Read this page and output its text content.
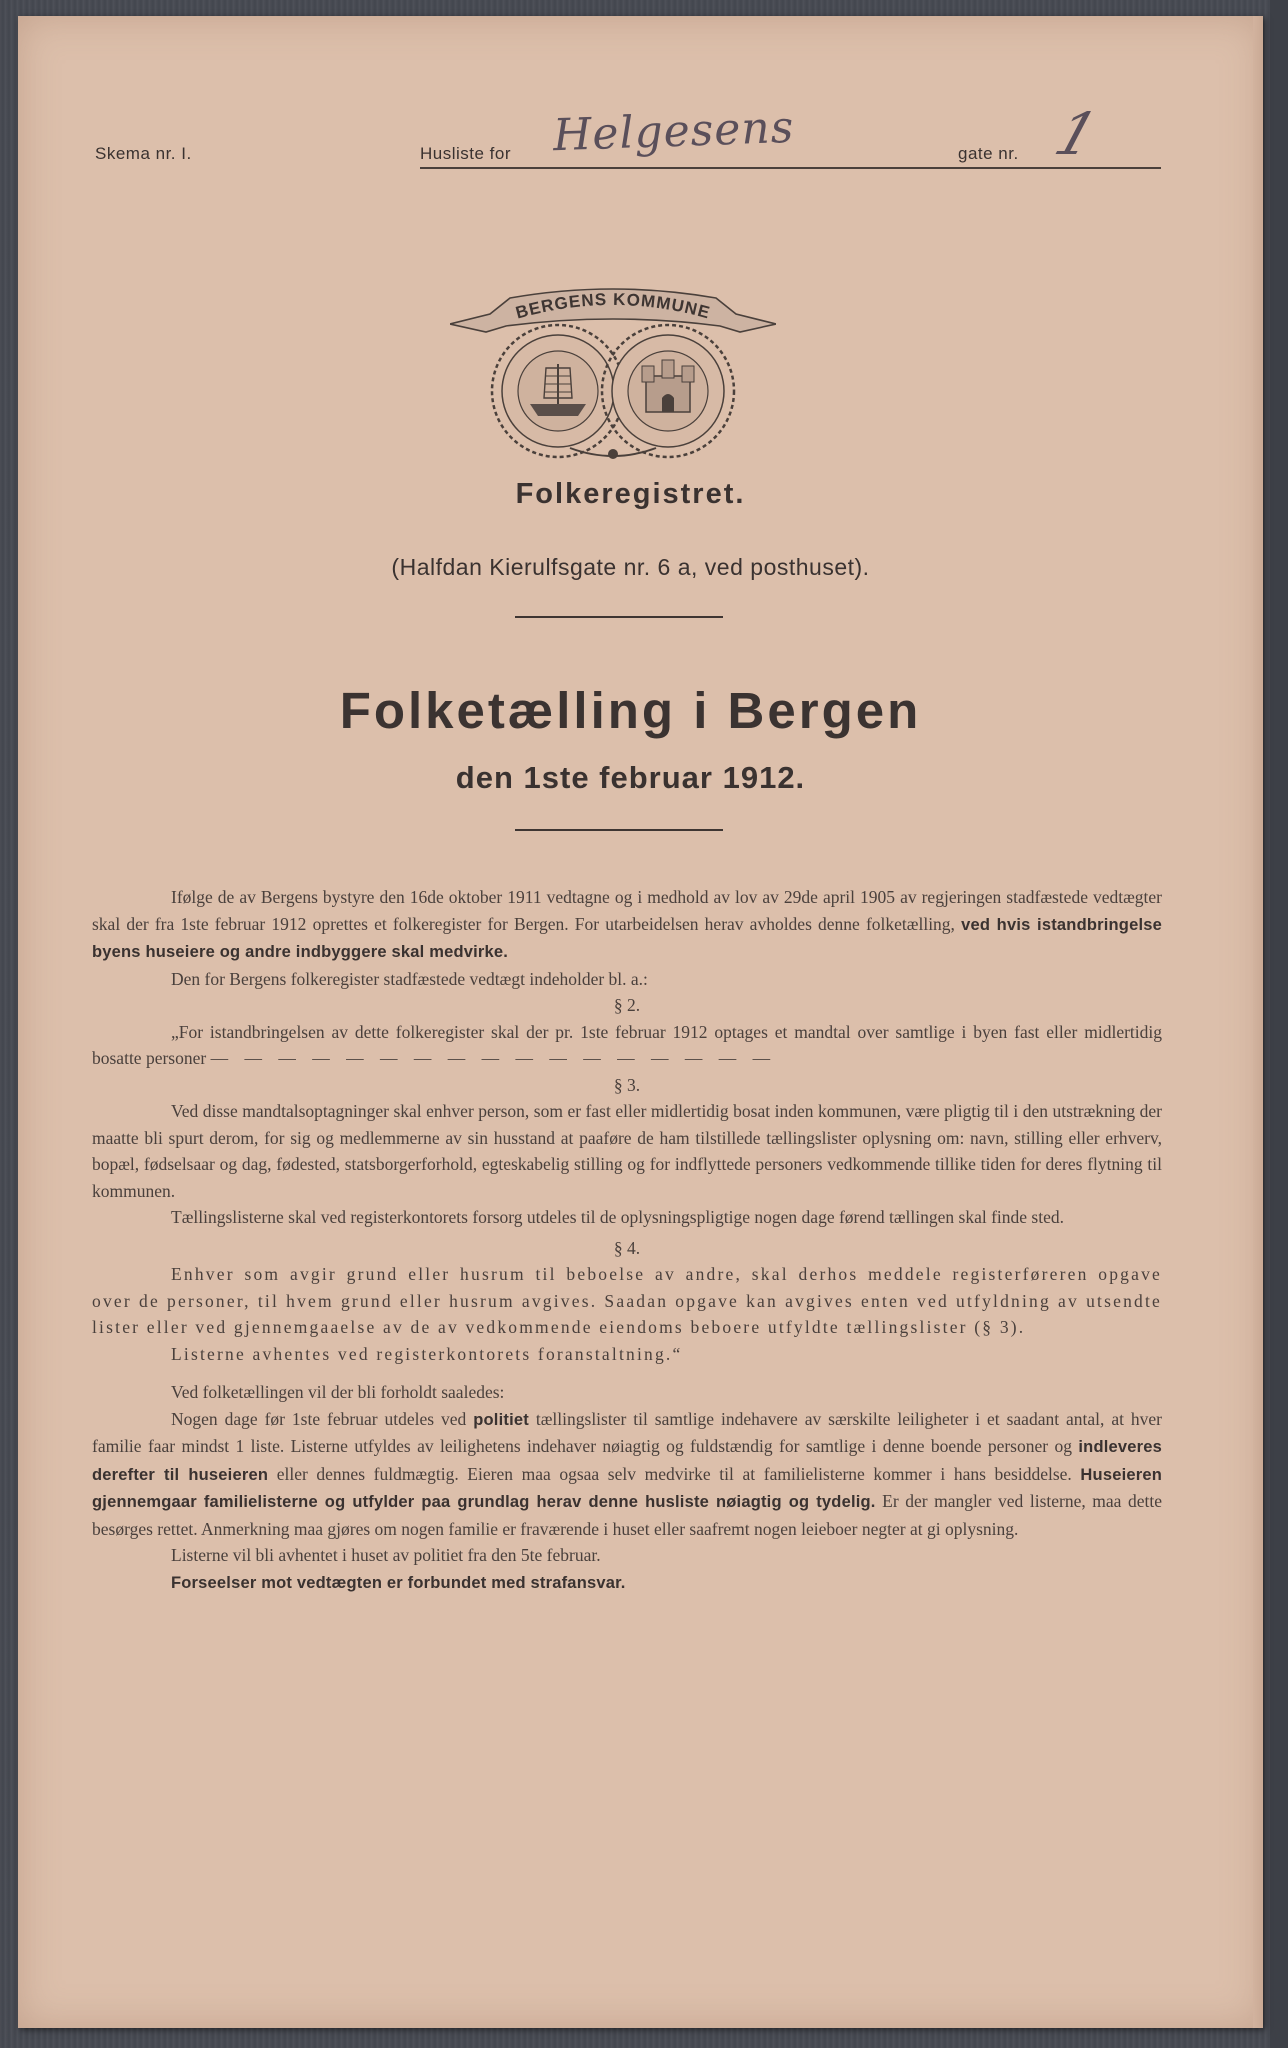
Skema nr. I.	Husliste for	gate nr.
Helgesens	1
BERGENS KOMMUNE
Folkeregistret.
(Halfdan Kierulfsgate nr. 6 a, ved posthuset).
Folketælling i Bergen
den 1ste februar 1912.

Ifølge de av Bergens bystyre den 16de oktober 1911 vedtagne og i medhold av lov av 29de april 1905 av regjeringen stadfæstede vedtægter skal der fra 1ste februar 1912 oprettes et folkeregister for Bergen. For utarbeidelsen herav avholdes denne folketælling, ved hvis istandbringelse byens huseiere og andre indbyggere skal medvirke.

Den for Bergens folkeregister stadfæstede vedtægt indeholder bl. a.:

§ 2.

„For istandbringelsen av dette folkeregister skal der pr. 1ste februar 1912 optages et mandtal over samtlige i byen fast eller midlertidig bosatte personer — — — — — — — — — — — — — — — — —

§ 3.

Ved disse mandtalsoptagninger skal enhver person, som er fast eller midlertidig bosat inden kommunen, være pligtig til i den utstrækning der maatte bli spurt derom, for sig og medlemmerne av sin husstand at paaføre de ham tilstillede tællingslister oplysning om: navn, stilling eller erhverv, bopæl, fødselsaar og dag, fødested, statsborgerforhold, egteskabelig stilling og for indflyttede personers vedkommende tillike tiden for deres flytning til kommunen.

Tællingslisterne skal ved registerkontorets forsorg utdeles til de oplysningspligtige nogen dage førend tællingen skal finde sted.

§ 4.

Enhver som avgir grund eller husrum til beboelse av andre, skal derhos meddele registerføreren opgave over de personer, til hvem grund eller husrum avgives. Saadan opgave kan avgives enten ved utfyldning av utsendte lister eller ved gjennemgaaelse av de av vedkommende eiendoms beboere utfyldte tællingslister (§ 3).

Listerne avhentes ved registerkontorets foranstaltning.“

Ved folketællingen vil der bli forholdt saaledes:

Nogen dage før 1ste februar utdeles ved politiet tællingslister til samtlige indehavere av særskilte leiligheter i et saadant antal, at hver familie faar mindst 1 liste. Listerne utfyldes av leilighetens indehaver nøiagtig og fuldstændig for samtlige i denne boende personer og indleveres derefter til huseieren eller dennes fuldmægtig. Eieren maa ogsaa selv medvirke til at familielisterne kommer i hans besiddelse. Huseieren gjennemgaar familielisterne og utfylder paa grundlag herav denne husliste nøiagtig og tydelig. Er der mangler ved listerne, maa dette besørges rettet. Anmerkning maa gjøres om nogen familie er fraværende i huset eller saafremt nogen leieboer negter at gi oplysning.

Listerne vil bli avhentet i huset av politiet fra den 5te februar.

Forseelser mot vedtægten er forbundet med strafansvar.
